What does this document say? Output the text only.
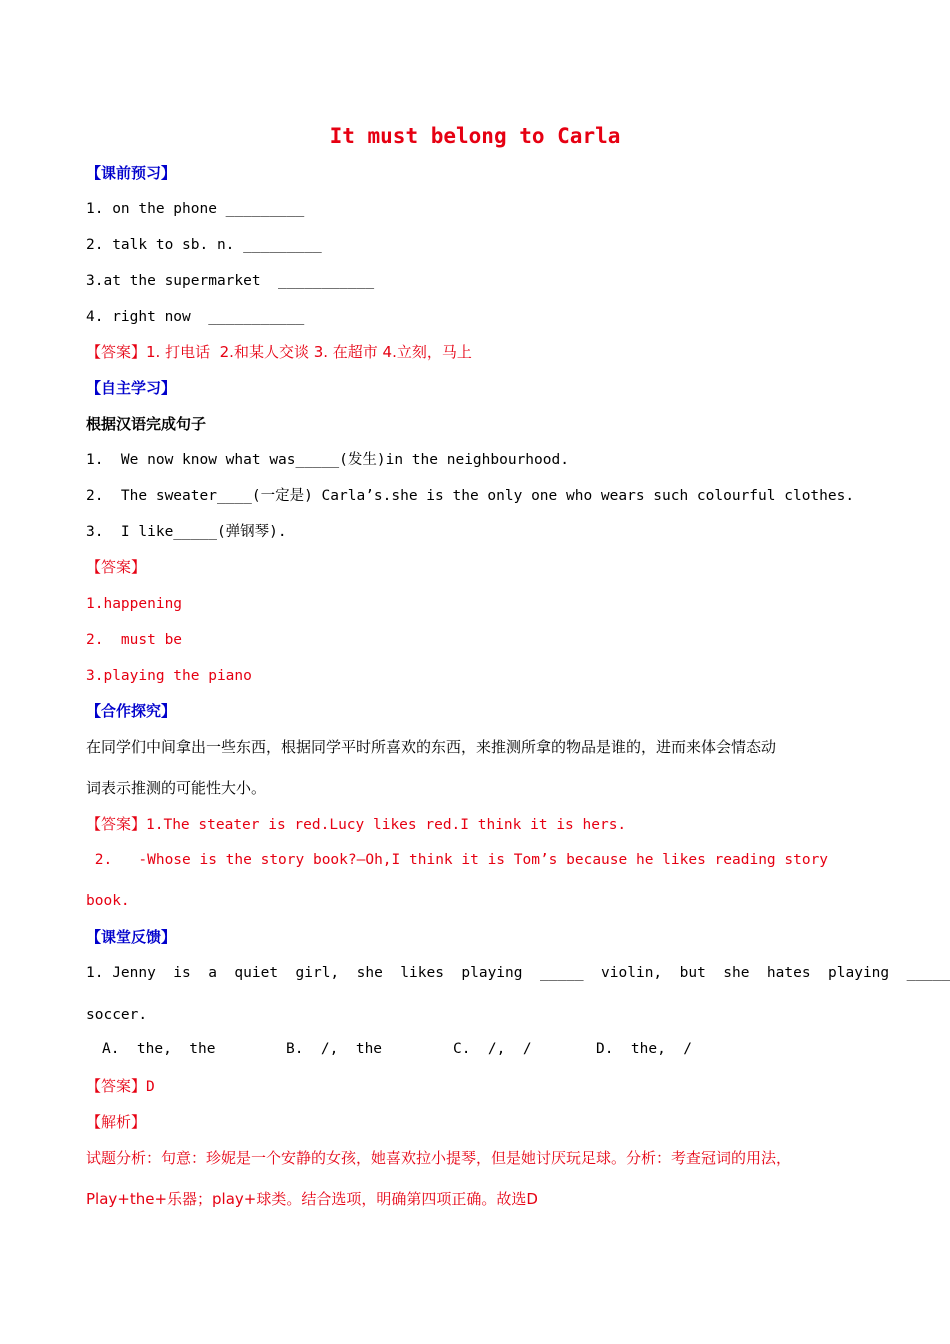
It must belong to Carla
【课前预习】
1. on the phone _________
2. talk to sb. n. _________
3.at the supermarket  ___________
4. right now  ___________
【答案】1. 打电话  2.和某人交谈 3. 在超市 4.立刻，马上
【自主学习】
根据汉语完成句子
1.  We now know what was_____(发生)in the neighbourhood.
2.  The sweater____(一定是) Carla’s.she is the only one who wears such colourful clothes.
3.  I like_____(弹钢琴).
【答案】
1.happening
2.  must be
3.playing the piano
【合作探究】
在同学们中间拿出一些东西，根据同学平时所喜欢的东西，来推测所拿的物品是谁的，进而来体会情态动
词表示推测的可能性大小。
【答案】1.The steater is red.Lucy likes red.I think it is hers.
2.   -Whose is the story book?—Oh,I think it is Tom’s because he likes reading story
book.
【课堂反馈】
1. Jenny  is  a  quiet  girl,  she  likes  playing  _____  violin,  but  she  hates  playing  _____
soccer.
A.  the,  the	B.  /,  the	C.  /,  /	D.  the,  /
【答案】D
【解析】
试题分析：句意：珍妮是一个安静的女孩，她喜欢拉小提琴，但是她讨厌玩足球。分析：考查冠词的用法，
Play+the+乐器；play+球类。结合选项，明确第四项正确。故选D
